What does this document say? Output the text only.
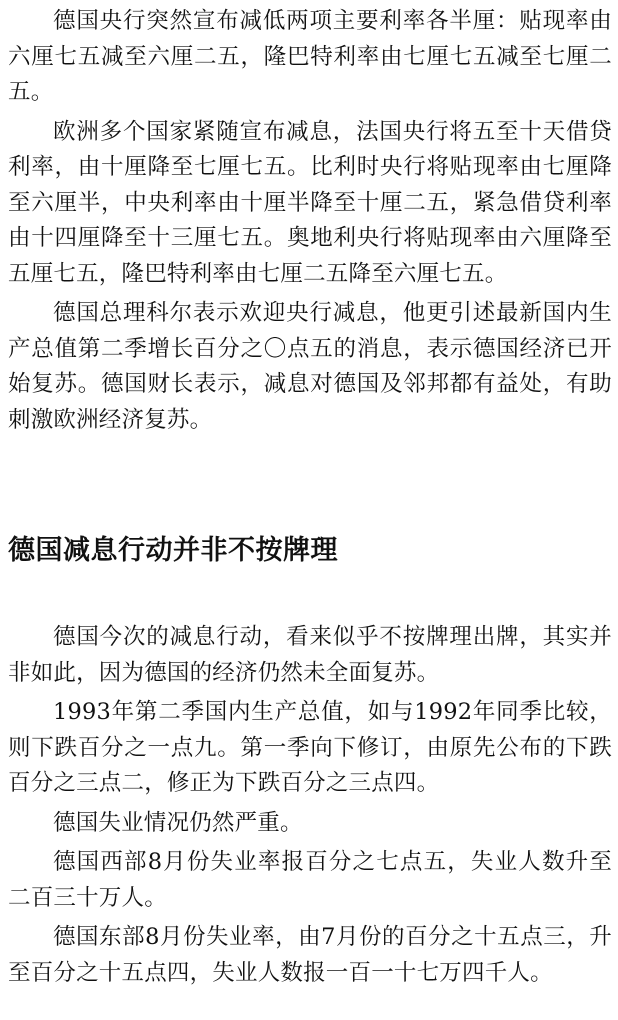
德国央行突然宣布减低两项主要利率各半厘：贴现率由六厘七五减至六厘二五，隆巴特利率由七厘七五减至七厘二五。

欧洲多个国家紧随宣布减息，法国央行将五至十天借贷利率，由十厘降至七厘七五。比利时央行将贴现率由七厘降至六厘半，中央利率由十厘半降至十厘二五，紧急借贷利率由十四厘降至十三厘七五。奥地利央行将贴现率由六厘降至五厘七五，隆巴特利率由七厘二五降至六厘七五。

德国总理科尔表示欢迎央行减息，他更引述最新国内生产总值第二季增长百分之〇点五的消息，表示德国经济已开始复苏。德国财长表示，减息对德国及邻邦都有益处，有助刺激欧洲经济复苏。

德国减息行动并非不按牌理

德国今次的减息行动，看来似乎不按牌理出牌，其实并非如此，因为德国的经济仍然未全面复苏。

1993年第二季国内生产总值，如与1992年同季比较，则下跌百分之一点九。第一季向下修订，由原先公布的下跌百分之三点二，修正为下跌百分之三点四。

德国失业情况仍然严重。

德国西部8月份失业率报百分之七点五，失业人数升至二百三十万人。

德国东部8月份失业率，由7月份的百分之十五点三，升至百分之十五点四，失业人数报一百一十七万四千人。
